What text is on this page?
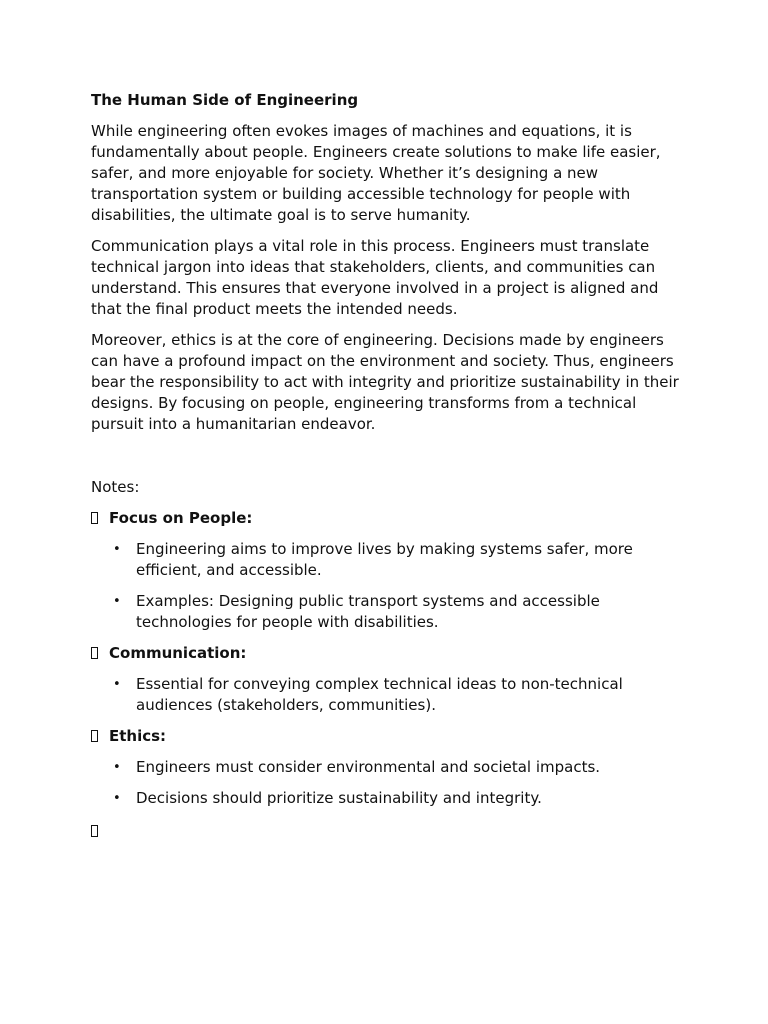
The Human Side of Engineering

While engineering often evokes images of machines and equations, it is fundamentally about people. Engineers create solutions to make life easier, safer, and more enjoyable for society. Whether it’s designing a new transportation system or building accessible technology for people with disabilities, the ultimate goal is to serve humanity.

Communication plays a vital role in this process. Engineers must translate technical jargon into ideas that stakeholders, clients, and communities can understand. This ensures that everyone involved in a project is aligned and that the final product meets the intended needs.

Moreover, ethics is at the core of engineering. Decisions made by engineers can have a profound impact on the environment and society. Thus, engineers bear the responsibility to act with integrity and prioritize sustainability in their designs. By focusing on people, engineering transforms from a technical pursuit into a humanitarian endeavor.

Notes:
Focus on People:
• Engineering aims to improve lives by making systems safer, more efficient, and accessible.
• Examples: Designing public transport systems and accessible technologies for people with disabilities.
Communication:
• Essential for conveying complex technical ideas to non-technical audiences (stakeholders, communities).
Ethics:
• Engineers must consider environmental and societal impacts.
• Decisions should prioritize sustainability and integrity.
